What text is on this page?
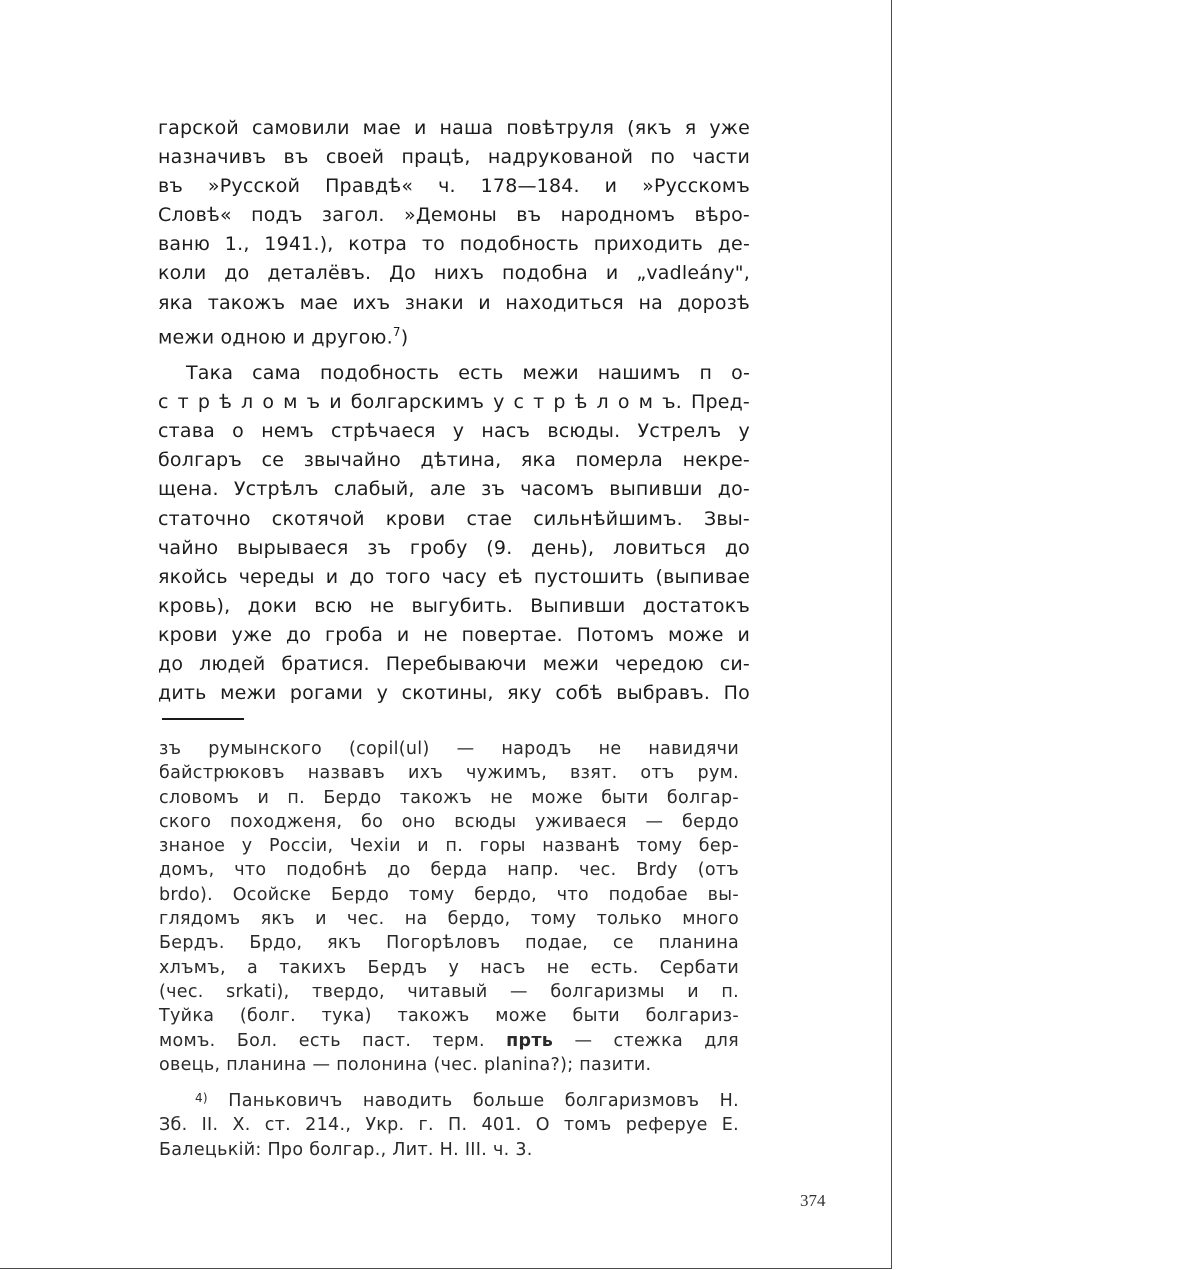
гарской самовили мае и наша повѣтруля (якъ я уже
назначивъ въ своей працѣ, надрукованой по части
въ »Русской Правдѣ« ч. 178—184. и »Русскомъ
Словѣ« подъ загол. »Демоны въ народномъ вѣро-
ваню 1., 1941.), котра то подобность приходить де-
коли до деталёвъ. До нихъ подобна и „vadleány",
яка такожъ мае ихъ знаки и находиться на дорозѣ
межи одною и другою.$^7$)
Така сама подобность есть межи нашимъ п о-
с т р ѣ л о м ъ и болгарскимъ у с т р ѣ л о м ъ. Пред-
става о немъ стрѣчаеся у насъ всюды. Устрелъ у
болгаръ се звычайно дѣтина, яка померла некре-
щена. Устрѣлъ слабый, але зъ часомъ выпивши до-
статочно скотячой крови стае сильнѣйшимъ. Звы-
чайно вырываеся зъ гробу (9. день), ловиться до
якойсь череды и до того часу еѣ пустошить (выпивае
кровь), доки всю не выгубить. Выпивши достатокъ
крови уже до гроба и не повертае. Потомъ може и
до людей братися. Перебываючи межи чередою си-
дить межи рогами у скотины, яку собѣ выбравъ. По
зъ румынского (copil(ul) — народъ не навидячи
байстрюковъ назвавъ ихъ чужимъ, взят. отъ рум.
словомъ и п. Бердо такожъ не може быти болгар-
ского походженя, бо оно всюды уживаеся — бердо
знаное у Россіи, Чехіи и п. горы названѣ тому бер-
домъ, что подобнѣ до берда напр. чес. Brdy (отъ
brdo). Осойске Бердо тому бердо, что подобае вы-
глядомъ якъ и чес. на бердо, тому только много
Бердъ. Брдо, якъ Погорѣловъ подае, се планина
хлъмъ, а такихъ Бердъ у насъ не есть. Сербати
(чес. srkati), твердо, читавый — болгаризмы и п.
Туйка (болг. тука) такожъ може быти болгариз-
момъ. Бол. есть паст. терм. прть — стежка для
овець, планина — полонина (чес. planina?); пазити.
$^{4)}$ Паньковичъ наводить больше болгаризмовъ Н.
Зб. II. X. ст. 214., Укр. г. П. 401. О томъ реферуе Е.
Балецькій: Про болгар., Лит. Н. III. ч. 3.
374
